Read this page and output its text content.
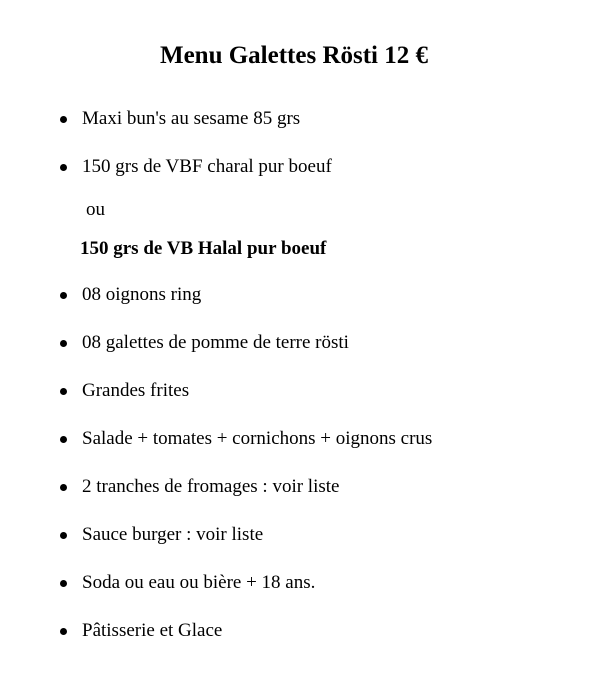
Menu Galettes Rösti 12 €
Maxi bun's au sesame 85 grs
150 grs de VBF charal pur boeuf
ou
150 grs de VB Halal pur boeuf
08 oignons ring
08 galettes de pomme de terre rösti
Grandes frites
Salade + tomates + cornichons + oignons crus
2 tranches de fromages : voir liste
Sauce burger : voir liste
Soda ou eau ou bière + 18 ans.
Pâtisserie et Glace
